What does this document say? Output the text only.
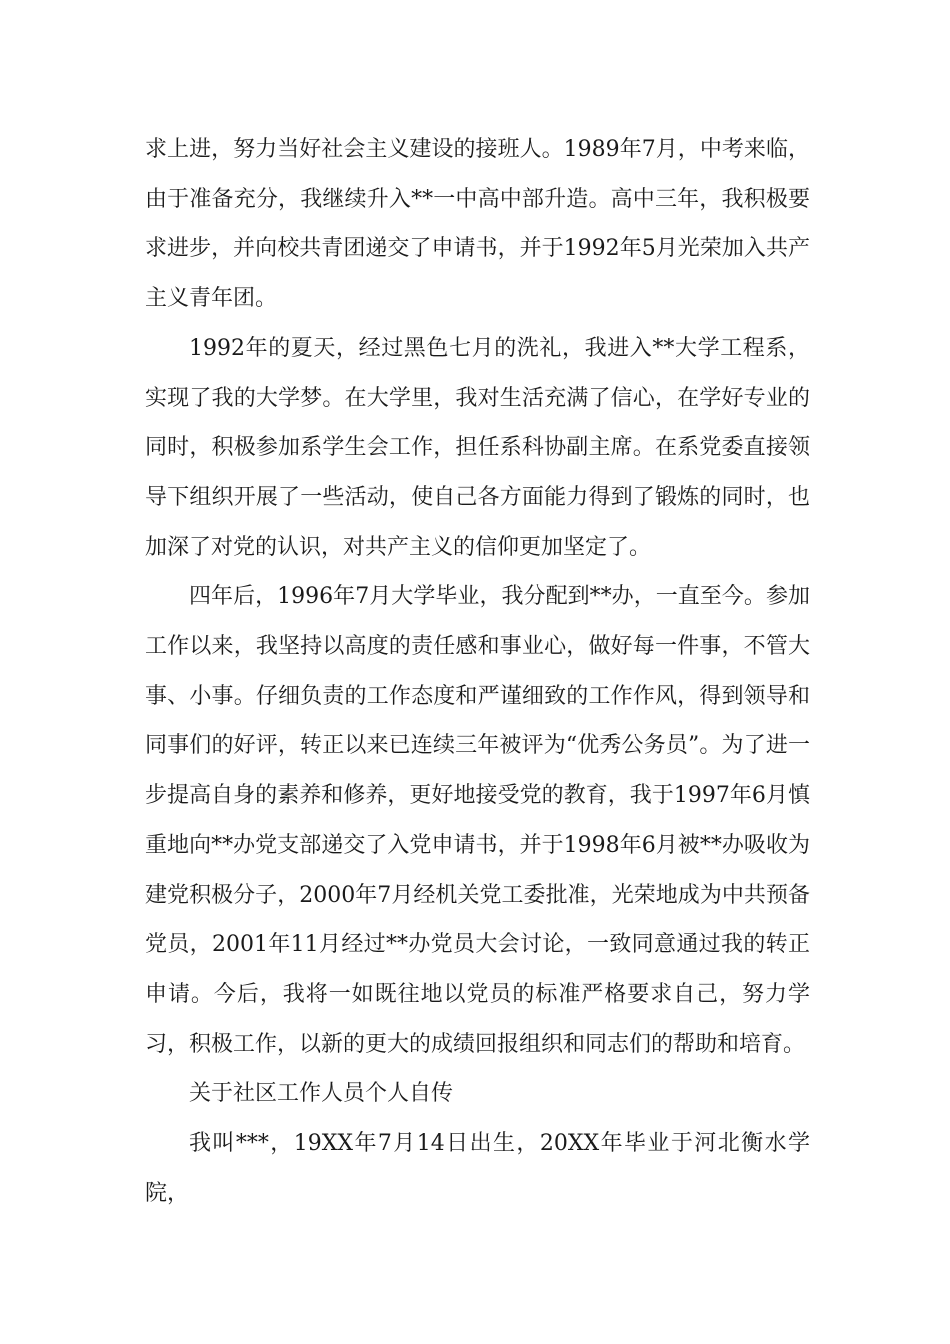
求上进，努力当好社会主义建设的接班人。1989年7月，中考来临，由于准备充分，我继续升入**一中高中部升造。高中三年，我积极要求进步，并向校共青团递交了申请书，并于1992年5月光荣加入共产主义青年团。

1992年的夏天，经过黑色七月的洗礼，我进入**大学工程系，实现了我的大学梦。在大学里，我对生活充满了信心，在学好专业的同时，积极参加系学生会工作，担任系科协副主席。在系党委直接领导下组织开展了一些活动，使自己各方面能力得到了锻炼的同时，也加深了对党的认识，对共产主义的信仰更加坚定了。

四年后，1996年7月大学毕业，我分配到**办，一直至今。参加工作以来，我坚持以高度的责任感和事业心，做好每一件事，不管大事、小事。仔细负责的工作态度和严谨细致的工作作风，得到领导和同事们的好评，转正以来已连续三年被评为“优秀公务员”。为了进一步提高自身的素养和修养，更好地接受党的教育，我于1997年6月慎重地向**办党支部递交了入党申请书，并于1998年6月被**办吸收为建党积极分子，2000年7月经机关党工委批准，光荣地成为中共预备党员，2001年11月经过**办党员大会讨论，一致同意通过我的转正申请。今后，我将一如既往地以党员的标准严格要求自己，努力学习，积极工作，以新的更大的成绩回报组织和同志们的帮助和培育。

关于社区工作人员个人自传

我叫***，19XX年7月14日出生，20XX年毕业于河北衡水学院，
